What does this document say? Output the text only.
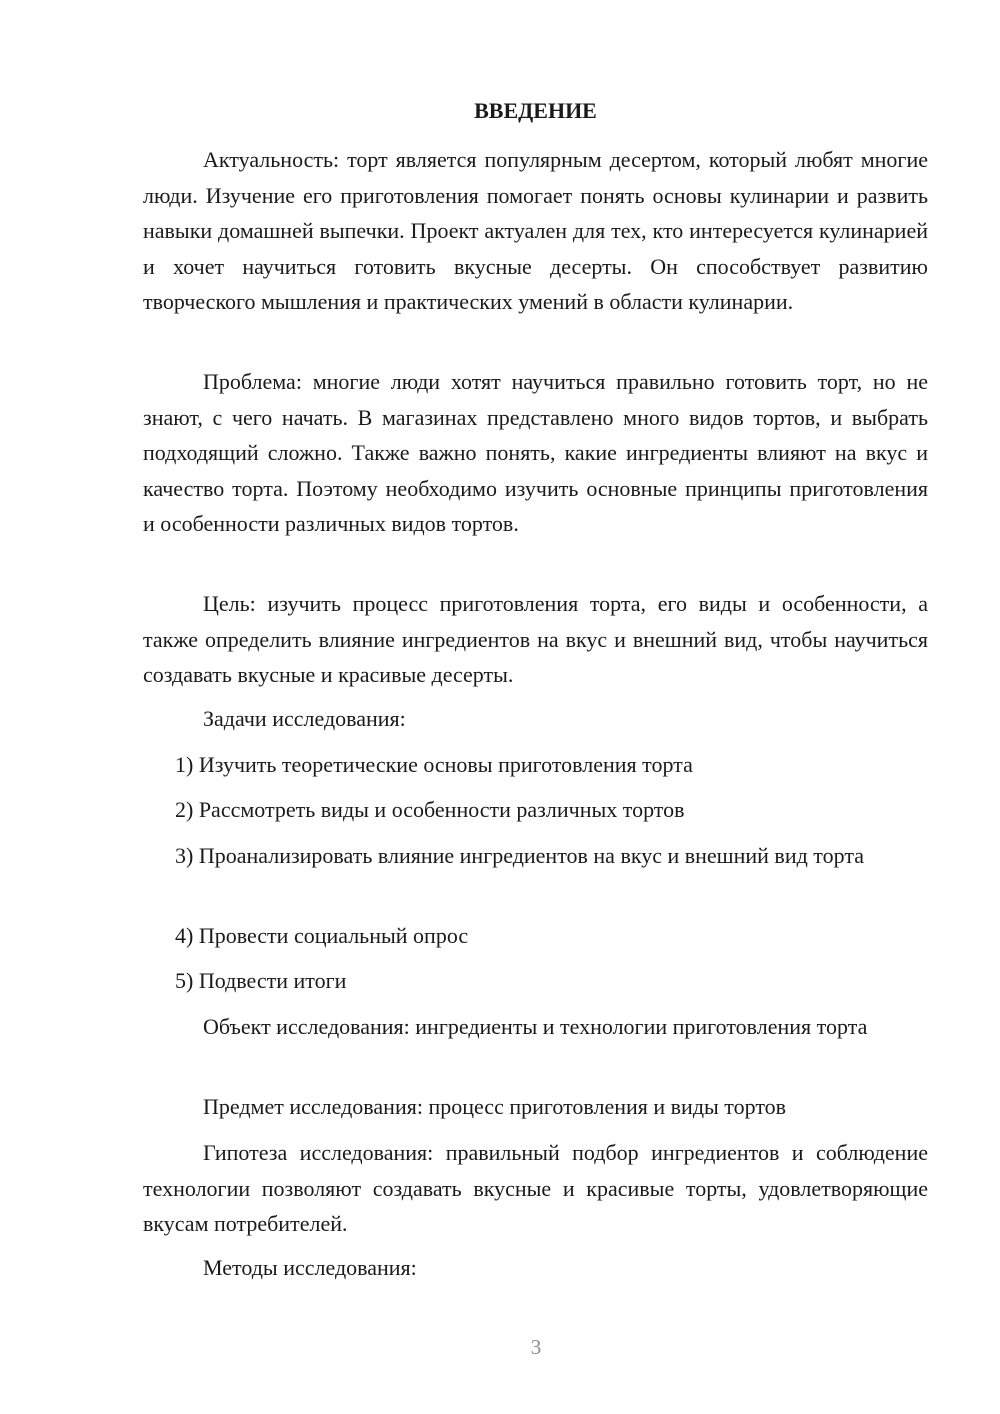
ВВЕДЕНИЕ

Актуальность: торт является популярным десертом, который любят многие люди. Изучение его приготовления помогает понять основы кулинарии и развить навыки домашней выпечки. Проект актуален для тех, кто интересуется кулинарией и хочет научиться готовить вкусные десерты. Он способствует развитию творческого мышления и практических умений в области кулинарии.

Проблема: многие люди хотят научиться правильно готовить торт, но не знают, с чего начать. В магазинах представлено много видов тортов, и выбрать подходящий сложно. Также важно понять, какие ингредиенты влияют на вкус и качество торта. Поэтому необходимо изучить основные принципы приготовления и особенности различных видов тортов.

Цель: изучить процесс приготовления торта, его виды и особенности, а также определить влияние ингредиентов на вкус и внешний вид, чтобы научиться создавать вкусные и красивые десерты.

Задачи исследования:

1) Изучить теоретические основы приготовления торта

2) Рассмотреть виды и особенности различных тортов

3) Проанализировать влияние ингредиентов на вкус и внешний вид торта

4) Провести социальный опрос

5) Подвести итоги

Объект исследования: ингредиенты и технологии приготовления торта

Предмет исследования: процесс приготовления и виды тортов

Гипотеза исследования: правильный подбор ингредиентов и соблюдение технологии позволяют создавать вкусные и красивые торты, удовлетворяющие вкусам потребителей.

Методы исследования:

3
